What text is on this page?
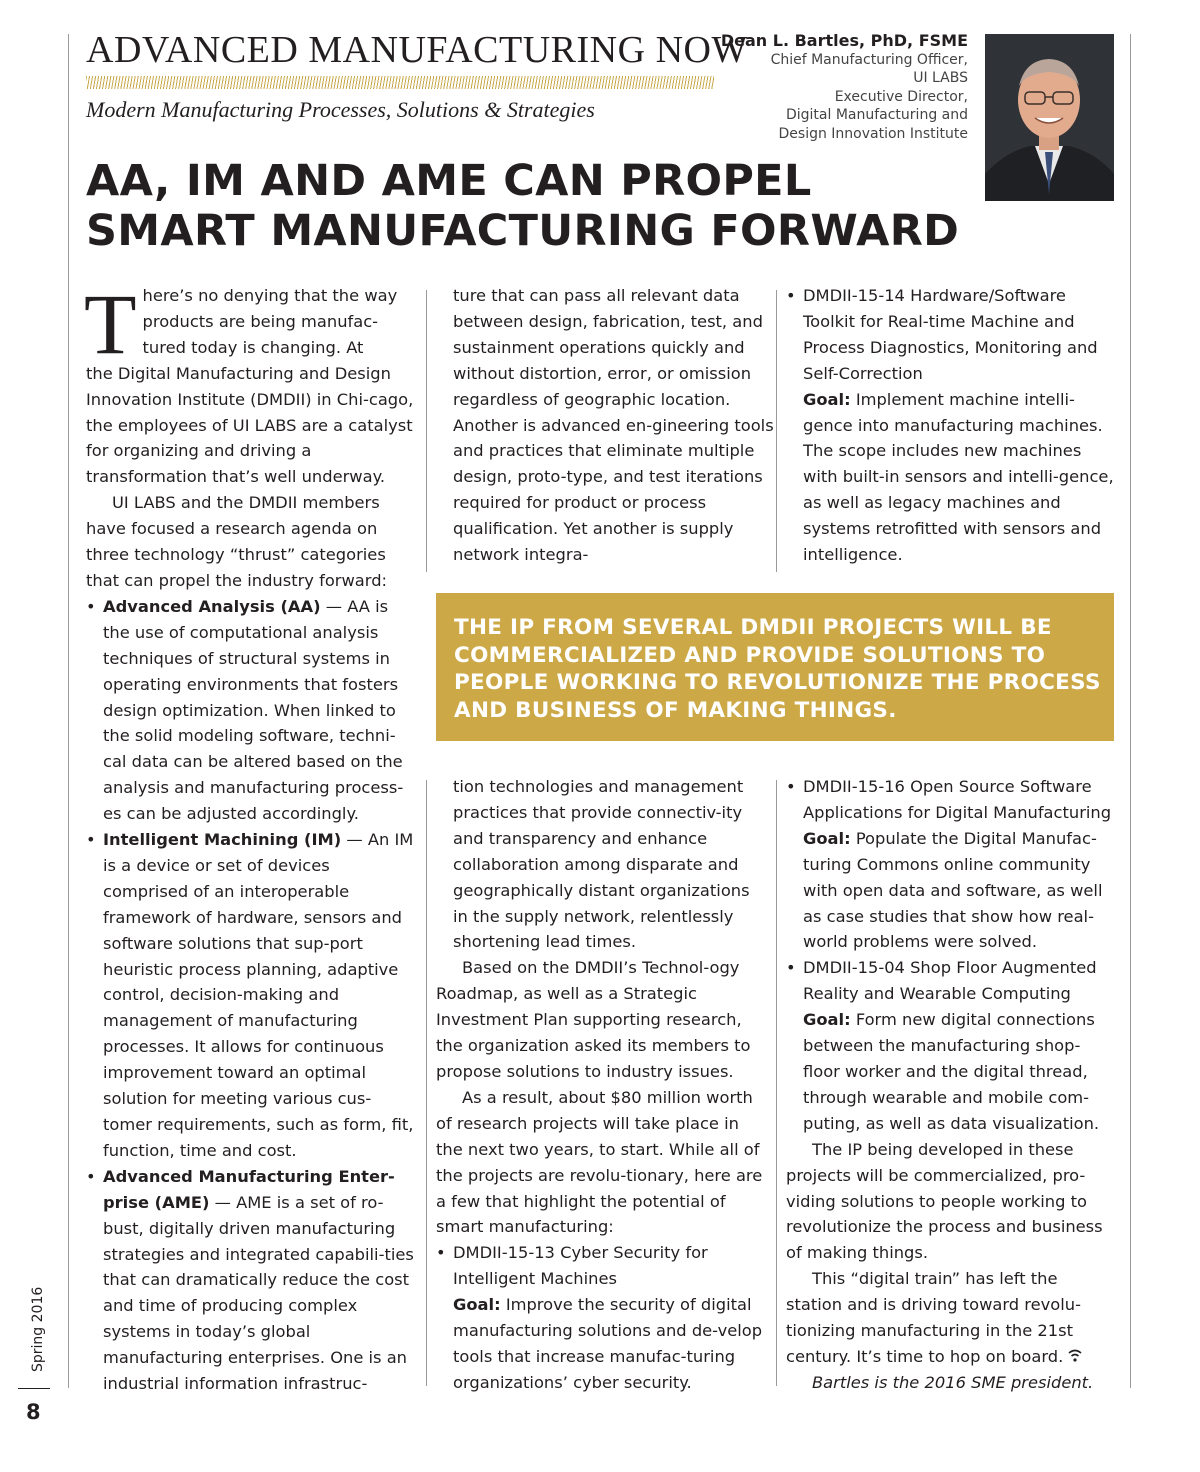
ADVANCED MANUFACTURING NOW
Modern Manufacturing Processes, Solutions & Strategies
Dean L. Bartles, PhD, FSME
Chief Manufacturing Officer,
UI LABS
Executive Director,
Digital Manufacturing and
Design Innovation Institute
AA, IM AND AME CAN PROPEL
SMART MANUFACTURING FORWARD
T here’s no denying that the way
products are being manufac-
tured today is changing. At

the Digital Manufacturing and Design Innovation Institute (DMDII) in Chi-cago, the employees of UI LABS are a catalyst for organizing and driving a transformation that’s well underway.

UI LABS and the DMDII members have focused a research agenda on three technology “thrust” categories that can propel the industry forward:

• Advanced Analysis (AA) — AA is the use of computational analysis techniques of structural systems in operating environments that fosters design optimization. When linked to the solid modeling software, techni-cal data can be altered based on the analysis and manufacturing process-es can be adjusted accordingly.

• Intelligent Machining (IM) — An IM is a device or set of devices comprised of an interoperable framework of hardware, sensors and software solutions that sup-port heuristic process planning, adaptive control, decision-making and management of manufacturing processes. It allows for continuous improvement toward an optimal solution for meeting various cus-tomer requirements, such as form, fit, function, time and cost.

• Advanced Manufacturing Enter-prise (AME) — AME is a set of ro-bust, digitally driven manufacturing strategies and integrated capabili-ties that can dramatically reduce the cost and time of producing complex systems in today’s global manufacturing enterprises. One is an industrial information infrastruc-

ture that can pass all relevant data between design, fabrication, test, and sustainment operations quickly and without distortion, error, or omission regardless of geographic location. Another is advanced en-gineering tools and practices that eliminate multiple design, proto-type, and test iterations required for product or process qualification. Yet another is supply network integra-

• DMDII-15-14 Hardware/Software Toolkit for Real-time Machine and Process Diagnostics, Monitoring and Self-Correction

Goal: Implement machine intelli-gence into manufacturing machines. The scope includes new machines with built-in sensors and intelli-gence, as well as legacy machines and systems retrofitted with sensors and intelligence.

THE IP FROM SEVERAL DMDII PROJECTS WILL BE COMMERCIALIZED AND PROVIDE SOLUTIONS TO PEOPLE WORKING TO REVOLUTIONIZE THE PROCESS AND BUSINESS OF MAKING THINGS.

tion technologies and management practices that provide connectiv-ity and transparency and enhance collaboration among disparate and geographically distant organizations in the supply network, relentlessly shortening lead times.

Based on the DMDII’s Technol-ogy Roadmap, as well as a Strategic Investment Plan supporting research, the organization asked its members to propose solutions to industry issues.

As a result, about $80 million worth of research projects will take place in the next two years, to start. While all of the projects are revolu-tionary, here are a few that highlight the potential of smart manufacturing:

• DMDII-15-13 Cyber Security for Intelligent Machines

Goal: Improve the security of digital manufacturing solutions and de-velop tools that increase manufac-turing organizations’ cyber security.

• DMDII-15-16 Open Source Software Applications for Digital Manufacturing

Goal: Populate the Digital Manufac-turing Commons online community with open data and software, as well as case studies that show how real-world problems were solved.

• DMDII-15-04 Shop Floor Augmented Reality and Wearable Computing

Goal: Form new digital connections between the manufacturing shop-floor worker and the digital thread, through wearable and mobile com-puting, as well as data visualization.

The IP being developed in these projects will be commercialized, pro-viding solutions to people working to revolutionize the process and business of making things.

This “digital train” has left the station and is driving toward revolu-tionizing manufacturing in the 21st century. It’s time to hop on board.

Bartles is the 2016 SME president.

Spring 2016
8
